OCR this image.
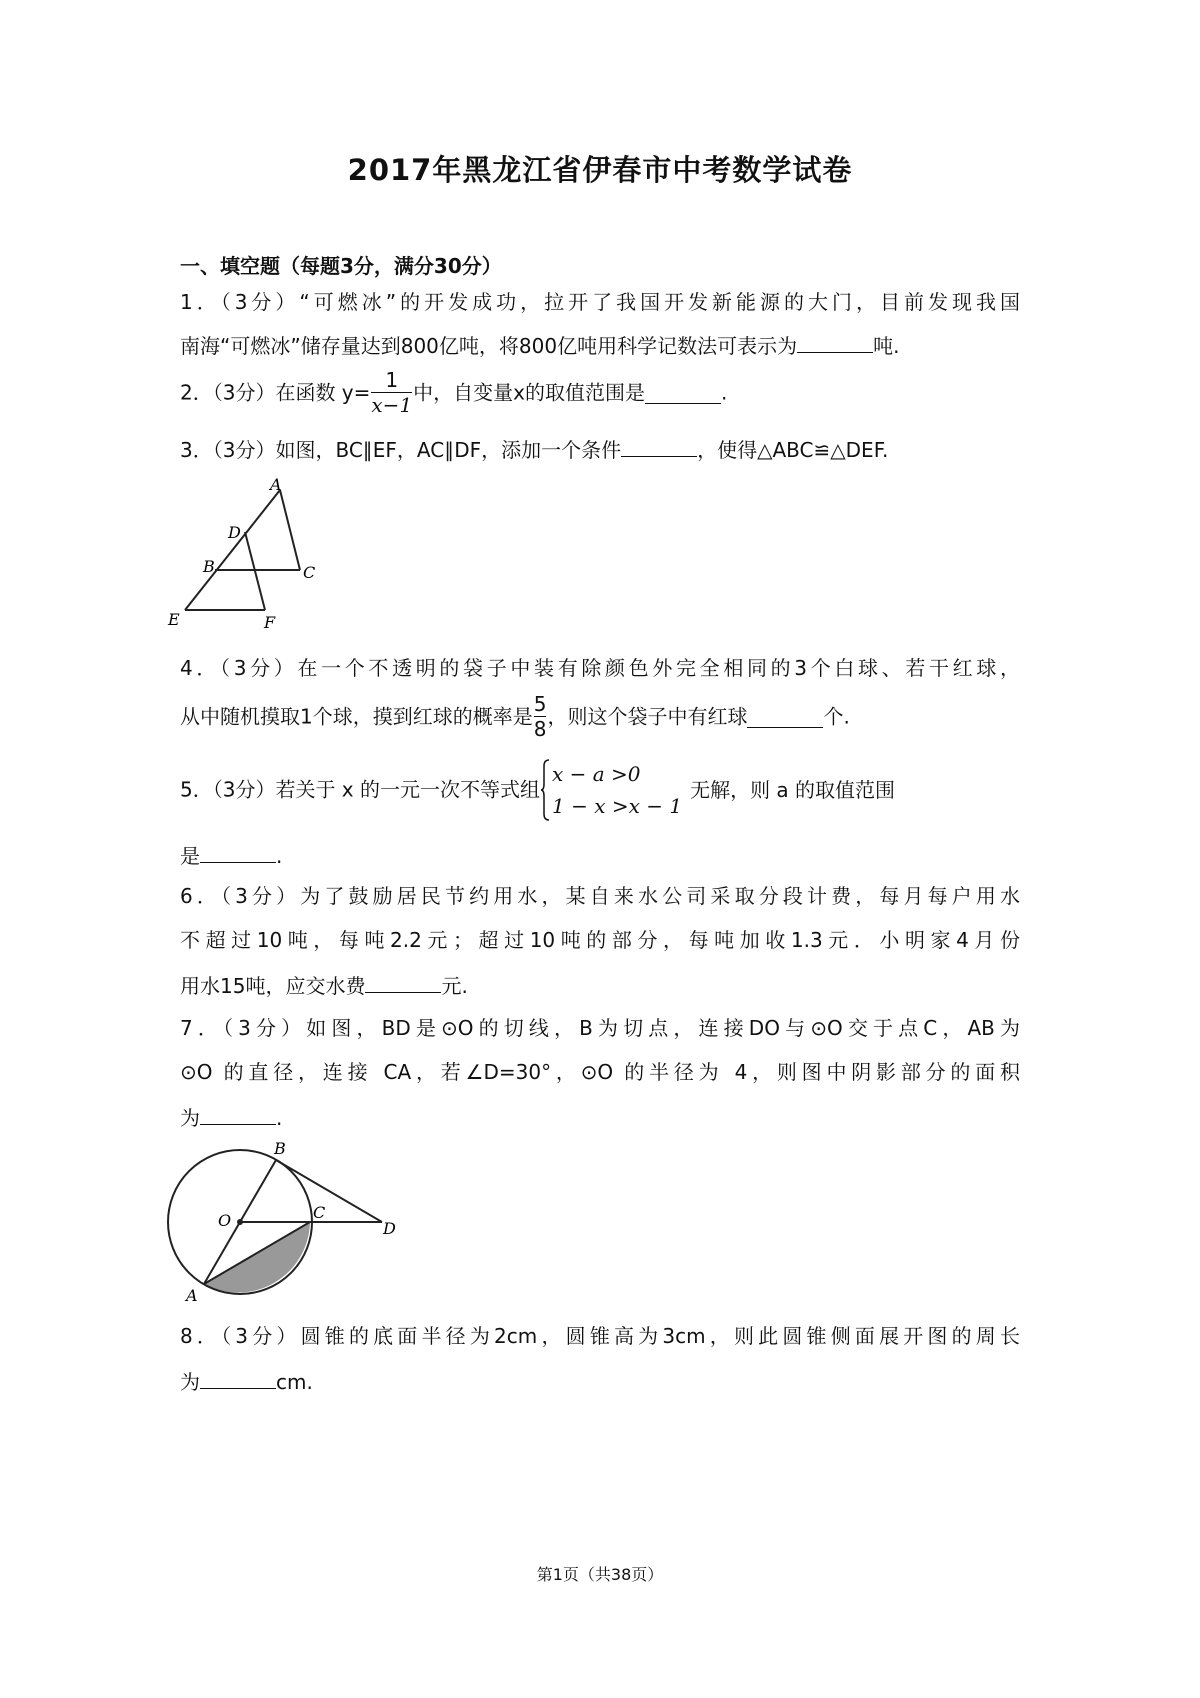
2017年黑龙江省伊春市中考数学试卷
一、填空题（每题3分，满分30分）
1．（3分）“可燃冰”的开发成功，拉开了我国开发新能源的大门，目前发现我国
南海“可燃冰”储存量达到800亿吨，将800亿吨用科学记数法可表示为	吨.
2．（3分）在函数 $y= \frac{1}{x-1}$ 中，自变量x的取值范围是	.
3．（3分）如图，BC∥EF，AC∥DF，添加一个条件	，使得△ABC≌△DEF.
A
D
B	C
E	F
4．（3分）在一个不透明的袋子中装有除颜色外完全相同的3个白球、若干红球，
从中随机摸取1个球，摸到红球的概率是 $\frac{5}{8}$ ，则这个袋子中有红球	个.
5．（3分）若关于 x 的一元一次不等式组
x − a >0
1 − x >x − 1
无解，则 a 的取值范围
是	.
6．（3分）为了鼓励居民节约用水，某自来水公司采取分段计费，每月每户用水
不超过10吨，每吨2.2元；超过10吨的部分，每吨加收1.3元．小明家4月份
用水15吨，应交水费	元.
7．（3分）如图，BD是⊙O的切线，B为切点，连接DO与⊙O交于点C，AB为
⊙O 的直径，连接 CA，若∠D=30°，⊙O 的半径为 4，则图中阴影部分的面积
为	.
B
O	C
D
A
8．（3分）圆锥的底面半径为2cm，圆锥高为3cm，则此圆锥侧面展开图的周长
为	cm.
第1页（共38页）
